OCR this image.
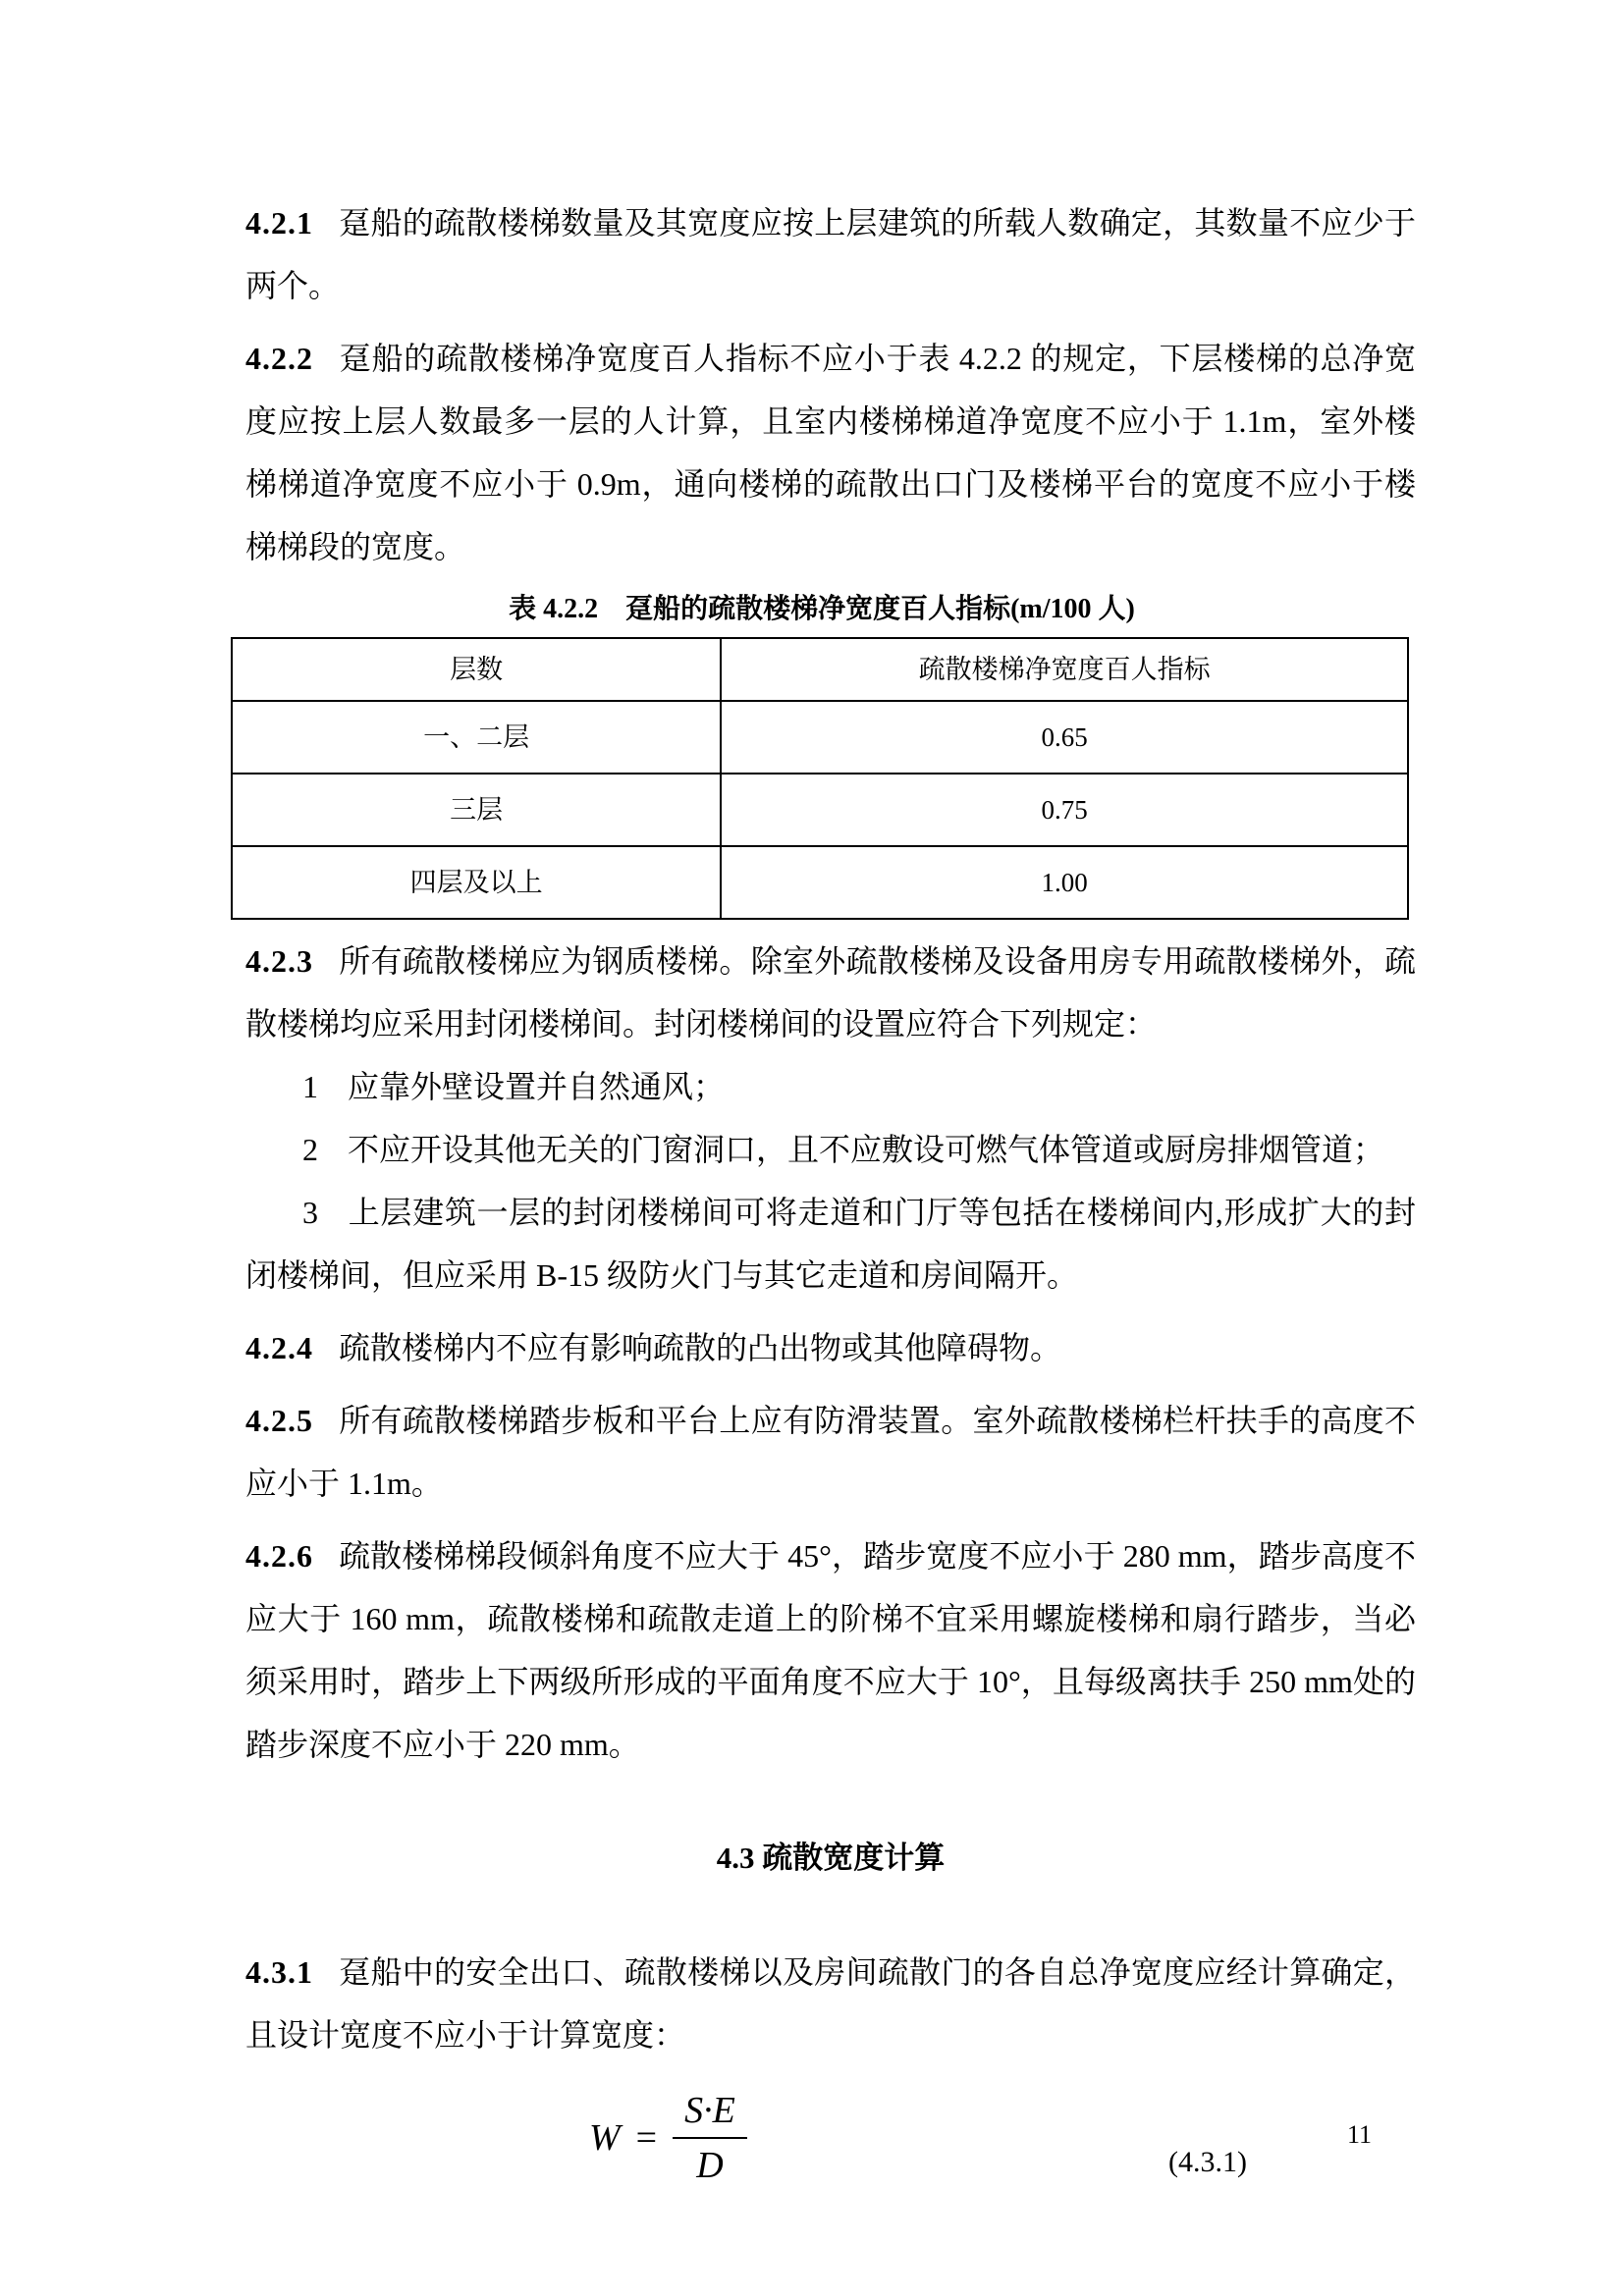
4.2.1 趸船的疏散楼梯数量及其宽度应按上层建筑的所载人数确定，其数量不应少于两个。

4.2.2 趸船的疏散楼梯净宽度百人指标不应小于表 4.2.2 的规定，下层楼梯的总净宽度应按上层人数最多一层的人计算，且室内楼梯梯道净宽度不应小于 1.1m，室外楼梯梯道净宽度不应小于 0.9m，通向楼梯的疏散出口门及楼梯平台的宽度不应小于楼梯梯段的宽度。

表 4.2.2　趸船的疏散楼梯净宽度百人指标(m/100 人)

层数	疏散楼梯净宽度百人指标
一、二层	0.65
三层	0.75
四层及以上	1.00

4.2.3 所有疏散楼梯应为钢质楼梯。除室外疏散楼梯及设备用房专用疏散楼梯外，疏散楼梯均应采用封闭楼梯间。封闭楼梯间的设置应符合下列规定：

1 应靠外壁设置并自然通风；
2 不应开设其他无关的门窗洞口，且不应敷设可燃气体管道或厨房排烟管道；
3 上层建筑一层的封闭楼梯间可将走道和门厅等包括在楼梯间内,形成扩大的封闭楼梯间，但应采用 B-15 级防火门与其它走道和房间隔开。

4.2.4 疏散楼梯内不应有影响疏散的凸出物或其他障碍物。

4.2.5 所有疏散楼梯踏步板和平台上应有防滑装置。室外疏散楼梯栏杆扶手的高度不应小于 1.1m。

4.2.6 疏散楼梯梯段倾斜角度不应大于 45°，踏步宽度不应小于 280 mm，踏步高度不应大于 160 mm，疏散楼梯和疏散走道上的阶梯不宜采用螺旋楼梯和扇行踏步，当必须采用时，踏步上下两级所形成的平面角度不应大于 10°，且每级离扶手 250 mm处的踏步深度不应小于 220 mm。

4.3 疏散宽度计算

4.3.1 趸船中的安全出口、疏散楼梯以及房间疏散门的各自总净宽度应经计算确定，且设计宽度不应小于计算宽度：

$W = \frac{S\cdot E}{D}$	(4.3.1)
11
